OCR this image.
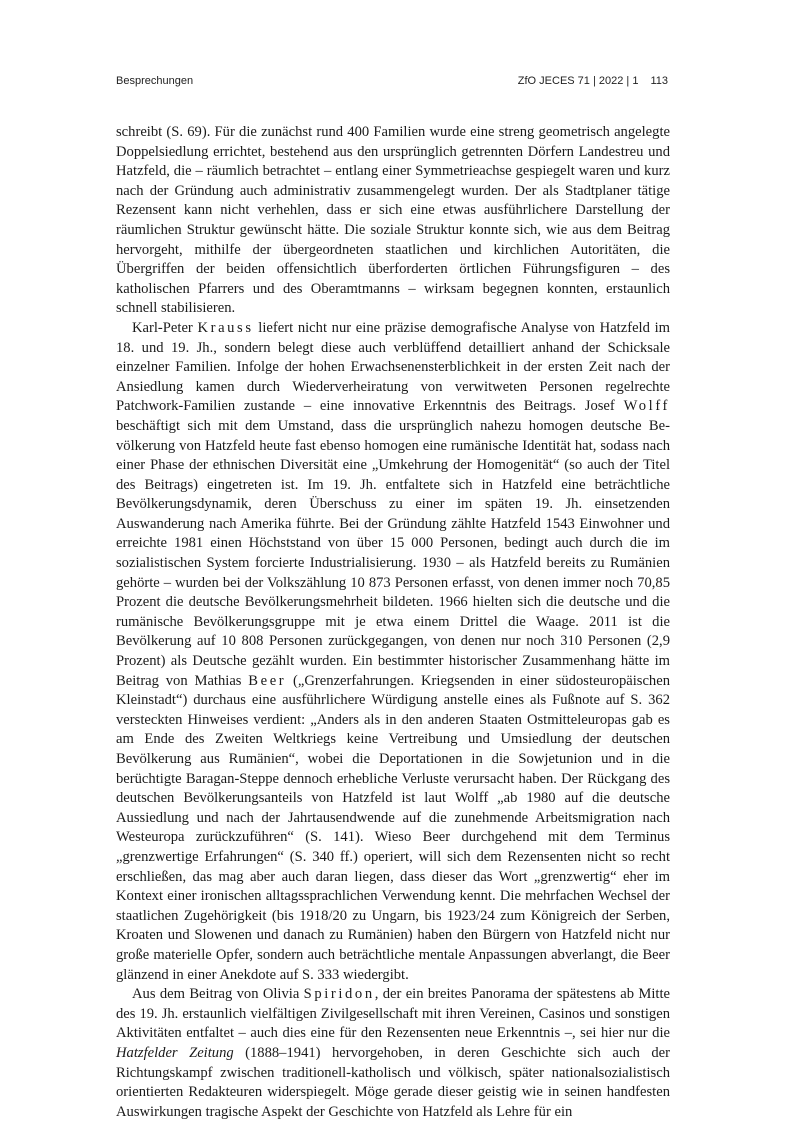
Besprechungen	ZfO JECES 71 | 2022 | 1 113

schreibt (S. 69). Für die zunächst rund 400 Familien wurde eine streng geometrisch angelegte Doppelsiedlung errichtet, bestehend aus den ursprünglich getrennten Dörfern Landestreu und Hatzfeld, die – räumlich betrachtet – entlang einer Symmetrieachse gespiegelt waren und kurz nach der Gründung auch administrativ zusammengelegt wurden. Der als Stadtplaner tätige Rezensent kann nicht verhehlen, dass er sich eine etwas ausführlichere Darstellung der räumlichen Struktur gewünscht hätte. Die soziale Struktur konnte sich, wie aus dem Beitrag hervorgeht, mithilfe der übergeordneten staatlichen und kirchlichen Autoritäten, die Übergriffen der beiden offensichtlich überforderten örtlichen Führungsfiguren – des katholischen Pfarrers und des Oberamtmanns – wirksam begegnen konnten, erstaunlich schnell stabilisieren.

Karl-Peter Krauss liefert nicht nur eine präzise demografische Analyse von Hatzfeld im 18. und 19. Jh., sondern belegt diese auch verblüffend detailliert anhand der Schicksale einzelner Familien. Infolge der hohen Erwachsenensterblichkeit in der ersten Zeit nach der Ansiedlung kamen durch Wiederverheiratung von verwitweten Personen regelrechte Patchwork-Familien zustande – eine innovative Erkenntnis des Beitrags. Josef Wolff beschäftigt sich mit dem Umstand, dass die ursprünglich nahezu homogen deutsche Bevölkerung von Hatzfeld heute fast ebenso homogen eine rumänische Identität hat, sodass nach einer Phase der ethnischen Diversität eine „Umkehrung der Homogenität“ (so auch der Titel des Beitrags) eingetreten ist. Im 19. Jh. entfaltete sich in Hatzfeld eine beträchtliche Bevölkerungsdynamik, deren Überschuss zu einer im späten 19. Jh. einsetzenden Auswanderung nach Amerika führte. Bei der Gründung zählte Hatzfeld 1543 Einwohner und erreichte 1981 einen Höchststand von über 15 000 Personen, bedingt auch durch die im sozialistischen System forcierte Industrialisierung. 1930 – als Hatzfeld bereits zu Rumänien gehörte – wurden bei der Volkszählung 10 873 Personen erfasst, von denen immer noch 70,85 Prozent die deutsche Bevölkerungsmehrheit bildeten. 1966 hielten sich die deutsche und die rumänische Bevölkerungsgruppe mit je etwa einem Drittel die Waage. 2011 ist die Bevölkerung auf 10 808 Personen zurückgegangen, von denen nur noch 310 Personen (2,9 Prozent) als Deutsche gezählt wurden. Ein bestimmter historischer Zusammenhang hätte im Beitrag von Mathias Beer („Grenzerfahrungen. Kriegsenden in einer südosteuropäischen Kleinstadt“) durchaus eine ausführlichere Würdigung anstelle eines als Fußnote auf S. 362 versteckten Hinweises verdient: „Anders als in den anderen Staaten Ostmitteleuropas gab es am Ende des Zweiten Weltkriegs keine Vertreibung und Umsiedlung der deutschen Bevölkerung aus Rumänien“, wobei die Deportationen in die Sowjetunion und in die berüchtigte Baragan-Steppe dennoch erhebliche Verluste verursacht haben. Der Rückgang des deutschen Bevölkerungsanteils von Hatzfeld ist laut Wolff „ab 1980 auf die deutsche Aussiedlung und nach der Jahrtausendwende auf die zunehmende Arbeitsmigration nach Westeuropa zurückzuführen“ (S. 141). Wieso Beer durchgehend mit dem Terminus „grenzwertige Erfahrungen“ (S. 340 ff.) operiert, will sich dem Rezensenten nicht so recht erschließen, das mag aber auch daran liegen, dass dieser das Wort „grenzwertig“ eher im Kontext einer ironischen alltagssprachlichen Verwendung kennt. Die mehrfachen Wechsel der staatlichen Zugehörigkeit (bis 1918/20 zu Ungarn, bis 1923/24 zum Königreich der Serben, Kroaten und Slowenen und danach zu Rumänien) haben den Bürgern von Hatzfeld nicht nur große materielle Opfer, sondern auch beträchtliche mentale Anpassungen abverlangt, die Beer glänzend in einer Anekdote auf S. 333 wiedergibt.

Aus dem Beitrag von Olivia Spiridon, der ein breites Panorama der spätestens ab Mitte des 19. Jh. erstaunlich vielfältigen Zivilgesellschaft mit ihren Vereinen, Casinos und sonstigen Aktivitäten entfaltet – auch dies eine für den Rezensenten neue Erkenntnis –, sei hier nur die Hatzfelder Zeitung (1888–1941) hervorgehoben, in deren Geschichte sich auch der Richtungskampf zwischen traditionell-katholisch und völkisch, später nationalsozialistisch orientierten Redakteuren widerspiegelt. Möge gerade dieser geistig wie in seinen handfesten Auswirkungen tragische Aspekt der Geschichte von Hatzfeld als Lehre für ein
